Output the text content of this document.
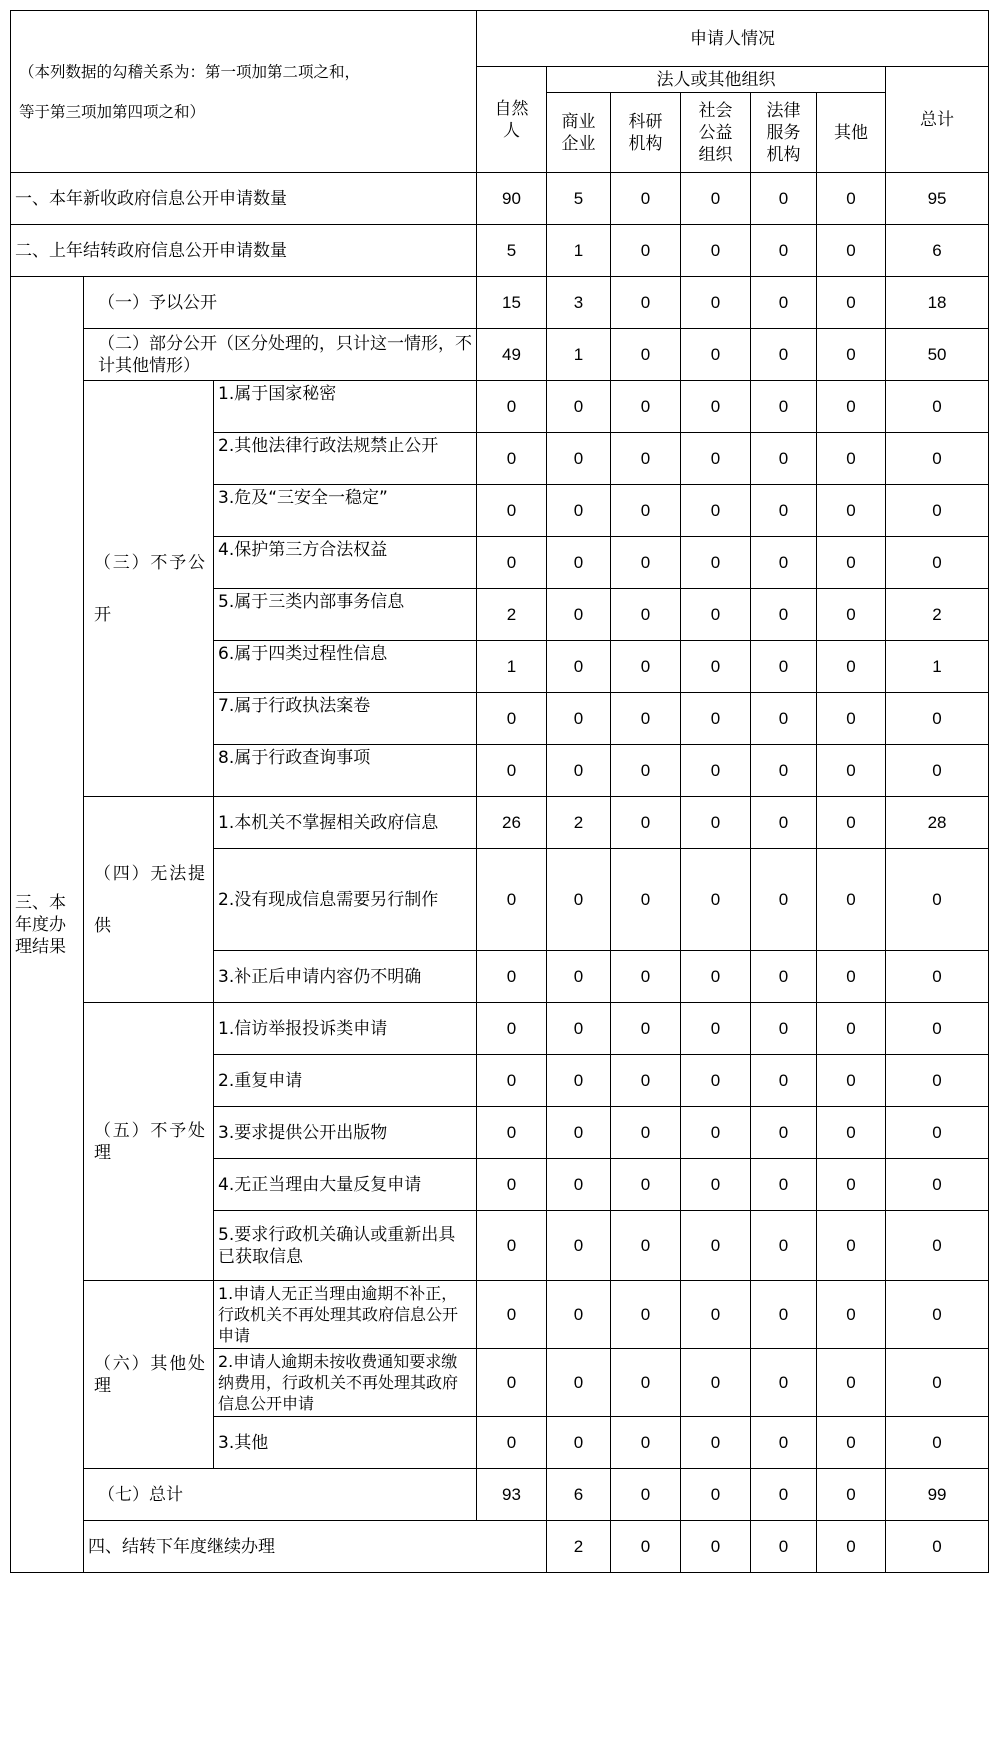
（本列数据的勾稽关系为：第一项加第二项之和，

等于第三项加第四项之和）			申请人情况							
			自然人	法人或其他组织					总计	
				商业企业	科研机构	社会公益组织	法律服务机构	其他		
一、本年新收政府信息公开申请数量			90	5	0	0	0	0	95	
二、上年结转政府信息公开申请数量			5	1	0	0	0	0	6	

三、本年度办理结果	（一）予以公开		15	3	0	0	0	0	18	
	（二）部分公开（区分处理的，只计这一情形，不计其他情形）		49	1	0	0	0	0	50	
	（三）不予公开	1.属于国家秘密	0	0	0	0	0	0	0	
		2.其他法律行政法规禁止公开	0	0	0	0	0	0	0	
		3.危及“三安全一稳定”	0	0	0	0	0	0	0	
		4.保护第三方合法权益	0	0	0	0	0	0	0	
		5.属于三类内部事务信息	2	0	0	0	0	0	2	
		6.属于四类过程性信息	1	0	0	0	0	0	1	
		7.属于行政执法案卷	0	0	0	0	0	0	0	
		8.属于行政查询事项	0	0	0	0	0	0	0	
	（四）无法提供	1.本机关不掌握相关政府信息	26	2	0	0	0	0	28	
		2.没有现成信息需要另行制作	0	0	0	0	0	0	0	
		3.补正后申请内容仍不明确	0	0	0	0	0	0	0	
	（五）不予处理	1.信访举报投诉类申请	0	0	0	0	0	0	0	
		2.重复申请	0	0	0	0	0	0	0	
		3.要求提供公开出版物	0	0	0	0	0	0	0	
		4.无正当理由大量反复申请	0	0	0	0	0	0	0	
		5.要求行政机关确认或重新出具已获取信息	0	0	0	0	0	0	0	
	（六）其他处理	1.申请人无正当理由逾期不补正，行政机关不再处理其政府信息公开申请	0	0	0	0	0	0	0	
		2.申请人逾期未按收费通知要求缴纳费用，行政机关不再处理其政府信息公开申请	0	0	0	0	0	0	0	
		3.其他	0	0	0	0	0	0	0	
	（七）总计		93	6	0	0	0	0	99	
	四、结转下年度继续办理			2	0	0	0	0	0	
